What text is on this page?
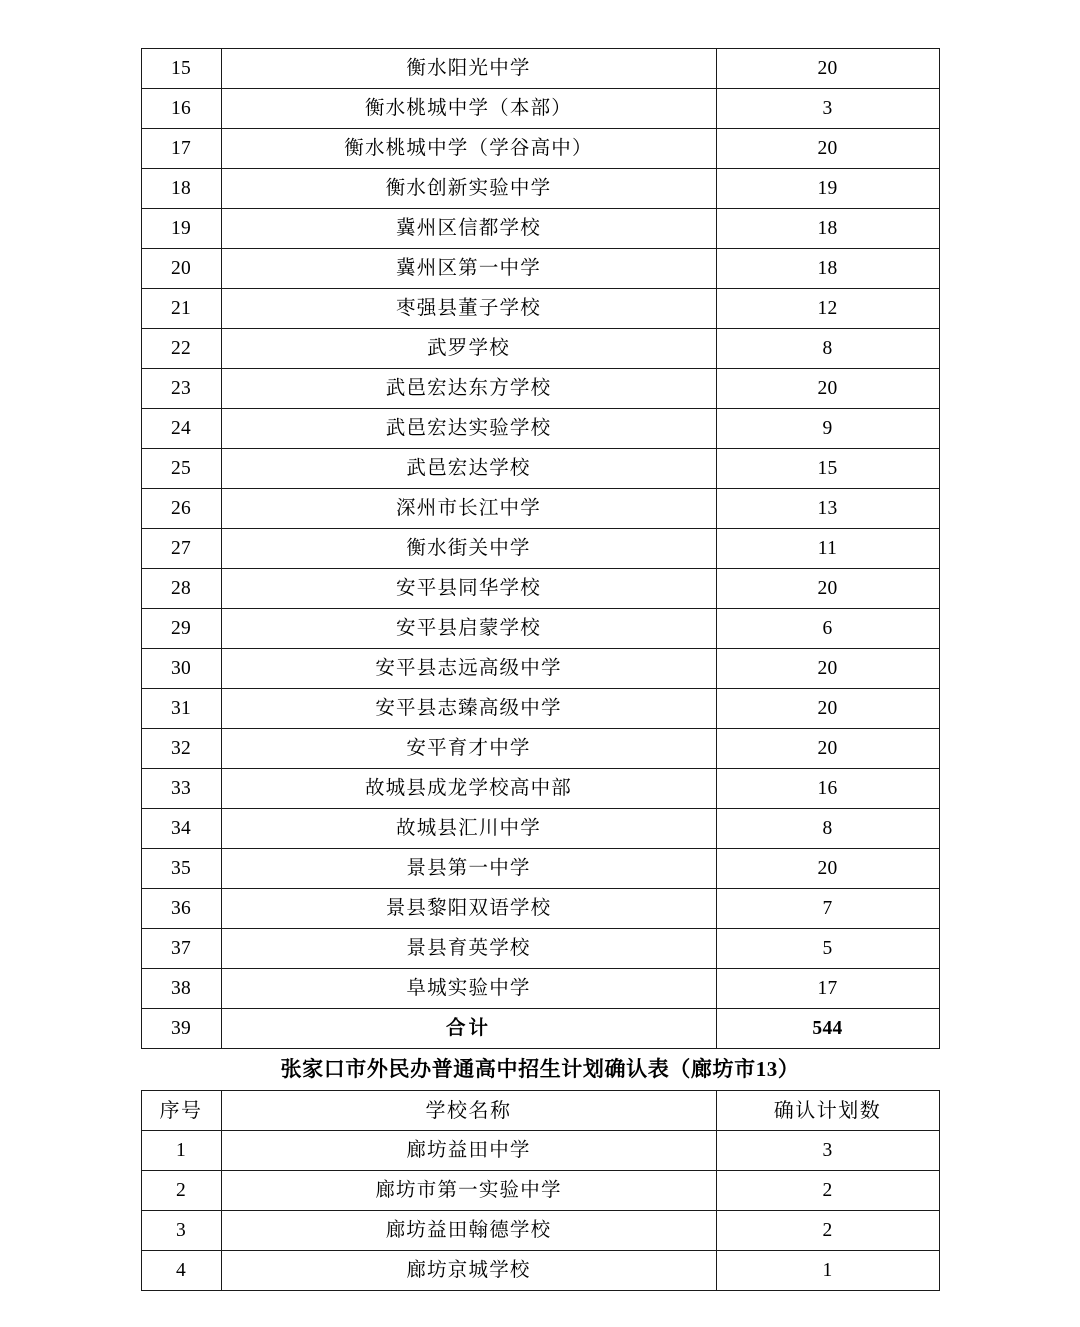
15	衡水阳光中学	20
16	衡水桃城中学（本部）	3
17	衡水桃城中学（学谷高中）	20
18	衡水创新实验中学	19
19	冀州区信都学校	18
20	冀州区第一中学	18
21	枣强县董子学校	12
22	武罗学校	8
23	武邑宏达东方学校	20
24	武邑宏达实验学校	9
25	武邑宏达学校	15
26	深州市长江中学	13
27	衡水街关中学	11
28	安平县同华学校	20
29	安平县启蒙学校	6
30	安平县志远高级中学	20
31	安平县志臻高级中学	20
32	安平育才中学	20
33	故城县成龙学校高中部	16
34	故城县汇川中学	8
35	景县第一中学	20
36	景县黎阳双语学校	7
37	景县育英学校	5
38	阜城实验中学	17
39	合计	544
张家口市外民办普通高中招生计划确认表（廊坊市13）
序号	学校名称	确认计划数
1	廊坊益田中学	3
2	廊坊市第一实验中学	2
3	廊坊益田翰德学校	2
4	廊坊京城学校	1
